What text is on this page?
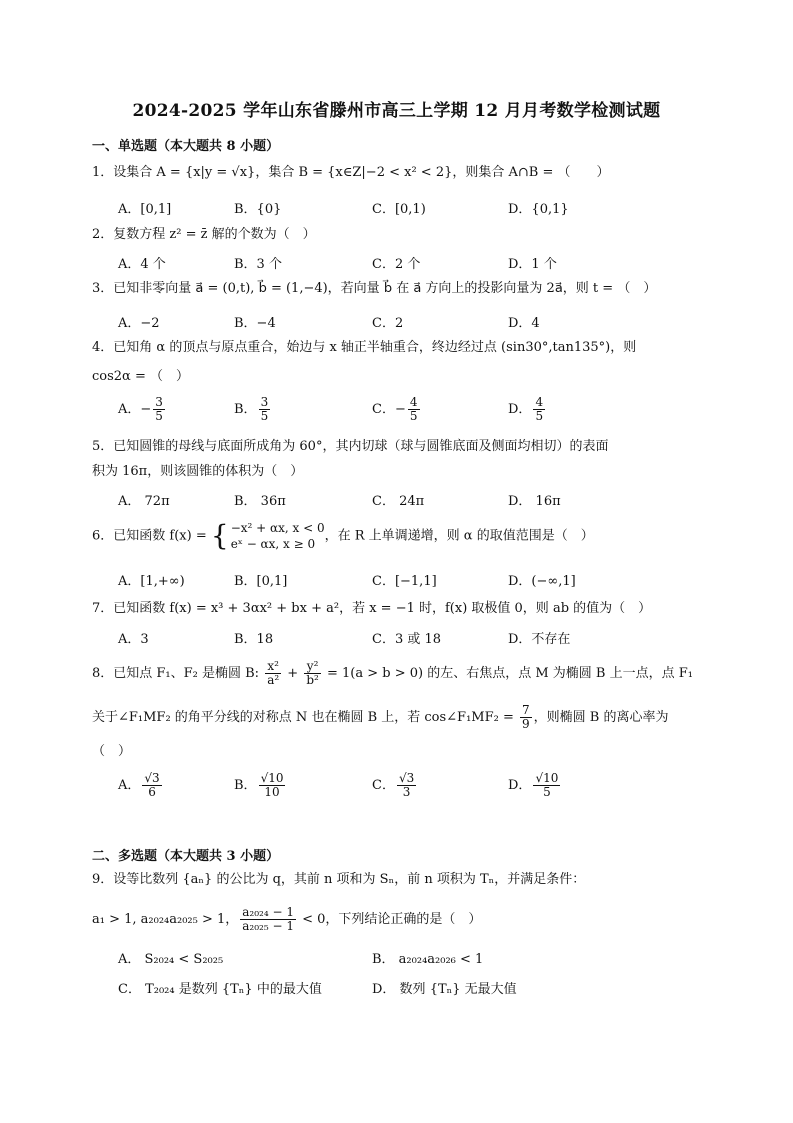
2024-2025 学年山东省滕州市高三上学期 12 月月考数学检测试题
一、单选题（本大题共 8 小题）
1．设集合 A = {x|y = √x}，集合 B = {x∈Z|−2 < x² < 2}，则集合 A∩B = （　　）
A．[0,1]	B．{0}	C．[0,1)	D．{0,1}
2．复数方程 z² = z̄ 解的个数为（　）
A．4 个	B．3 个	C．2 个	D．1 个
3．已知非零向量 a⃗ = (0,t), b⃗ = (1,−4)，若向量 b⃗ 在 a⃗ 方向上的投影向量为 2a⃗，则 t = （　）
A．−2	B．−4	C．2	D．4
4．已知角 α 的顶点与原点重合，始边与 x 轴正半轴重合，终边经过点 (sin30°,tan135°)，则
cos2α = （　）
A．− $\frac{3}{5}$	B． $\frac{3}{5}$	C．− $\frac{4}{5}$	D． $\frac{4}{5}$
5．已知圆锥的母线与底面所成角为 60°，其内切球（球与圆锥底面及侧面均相切）的表面
积为 16π，则该圆锥的体积为（　）
A． 72π	B． 36π	C． 24π	D． 16π
6．已知函数 f(x) = { −x² + αx, x < 0
eˣ − αx, x ≥ 0
，在 R 上单调递增，则 α 的取值范围是（　）
A．[1,+∞)	B．[0,1]	C．[−1,1]	D．(−∞,1]
7．已知函数 f(x) = x³ + 3αx² + bx + a²，若 x = −1 时，f(x) 取极值 0，则 ab 的值为（　）
A．3	B．18	C．3 或 18	D．不存在
8．已知点 F₁、F₂ 是椭圆 B: $\frac{\text{x²}}{\text{a²}} + \frac{\text{y²}}{\text{b²}} = 1(a > b > 0)$ 的左、右焦点，点 M 为椭圆 B 上一点，点 F₁
关于∠F₁MF₂ 的角平分线的对称点 N 也在椭圆 B 上，若 cos∠F₁MF₂ = $\frac{7}{9}$ ，则椭圆 B 的离心率为
（　）
A． $\frac{√3}{6}$	B． $\frac{√10}{10}$	C． $\frac{√3}{3}$	D． $\frac{√10}{5}$
二、多选题（本大题共 3 小题）
9．设等比数列 {aₙ} 的公比为 q，其前 n 项和为 Sₙ，前 n 项积为 Tₙ，并满足条件：
a₁ > 1, a₂₀₂₄a₂₀₂₅ > 1， $\frac{\text{a₂₀₂₄ − 1}}{\text{a₂₀₂₅ − 1}} < 0$，下列结论正确的是（　）
A． S₂₀₂₄ < S₂₀₂₅	B． a₂₀₂₄a₂₀₂₆ < 1
C． T₂₀₂₄ 是数列 {Tₙ} 中的最大值	D． 数列 {Tₙ} 无最大值
